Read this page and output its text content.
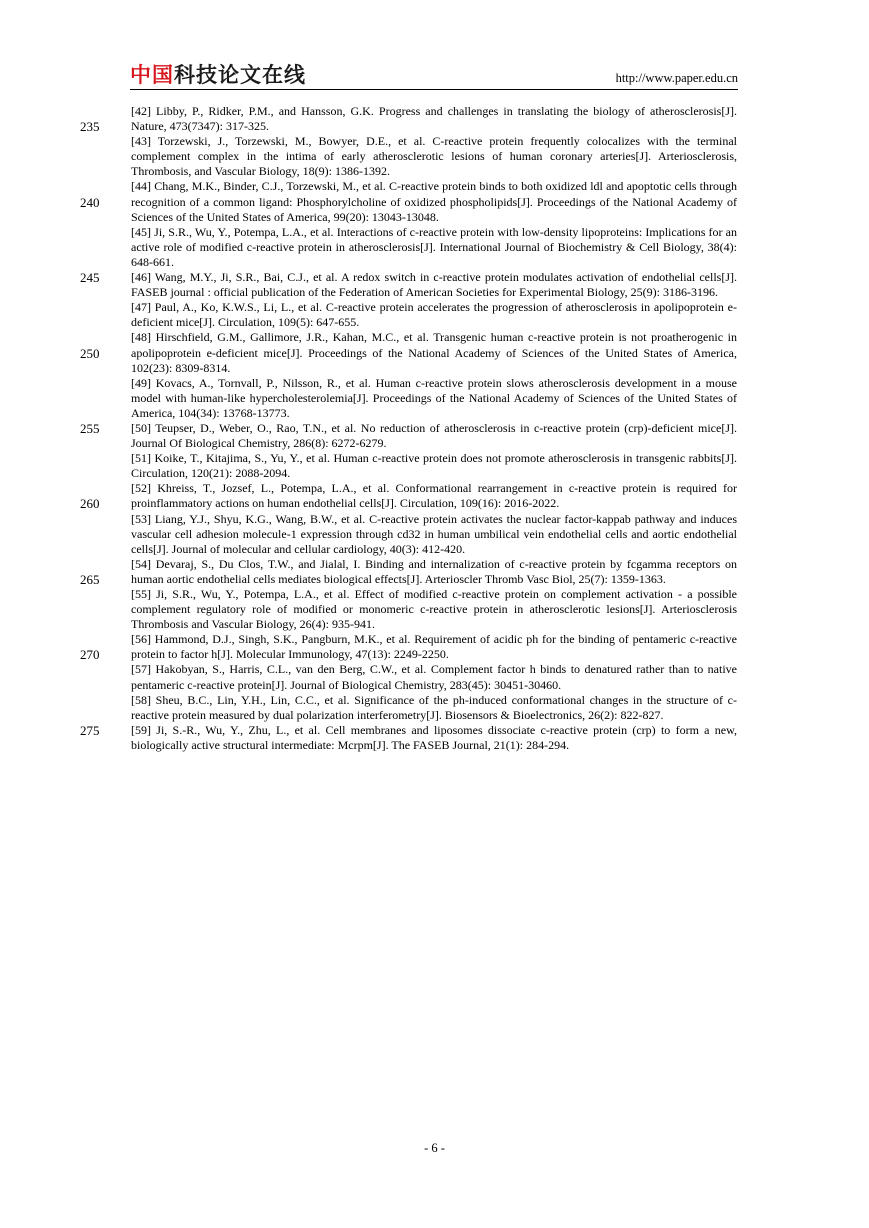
中国科技论文在线	http://www.paper.edu.cn
235
240
245
250
255
260
265
270
275

[42] Libby, P., Ridker, P.M., and Hansson, G.K. Progress and challenges in translating the biology of atherosclerosis[J]. Nature, 473(7347): 317-325.

[43] Torzewski, J., Torzewski, M., Bowyer, D.E., et al. C-reactive protein frequently colocalizes with the terminal complement complex in the intima of early atherosclerotic lesions of human coronary arteries[J]. Arteriosclerosis, Thrombosis, and Vascular Biology, 18(9): 1386-1392.

[44] Chang, M.K., Binder, C.J., Torzewski, M., et al. C-reactive protein binds to both oxidized ldl and apoptotic cells through recognition of a common ligand: Phosphorylcholine of oxidized phospholipids[J]. Proceedings of the National Academy of Sciences of the United States of America, 99(20): 13043-13048.

[45] Ji, S.R., Wu, Y., Potempa, L.A., et al. Interactions of c-reactive protein with low-density lipoproteins: Implications for an active role of modified c-reactive protein in atherosclerosis[J]. International Journal of Biochemistry & Cell Biology, 38(4): 648-661.

[46] Wang, M.Y., Ji, S.R., Bai, C.J., et al. A redox switch in c-reactive protein modulates activation of endothelial cells[J]. FASEB journal : official publication of the Federation of American Societies for Experimental Biology, 25(9): 3186-3196.

[47] Paul, A., Ko, K.W.S., Li, L., et al. C-reactive protein accelerates the progression of atherosclerosis in apolipoprotein e-deficient mice[J]. Circulation, 109(5): 647-655.

[48] Hirschfield, G.M., Gallimore, J.R., Kahan, M.C., et al. Transgenic human c-reactive protein is not proatherogenic in apolipoprotein e-deficient mice[J]. Proceedings of the National Academy of Sciences of the United States of America, 102(23): 8309-8314.

[49] Kovacs, A., Tornvall, P., Nilsson, R., et al. Human c-reactive protein slows atherosclerosis development in a mouse model with human-like hypercholesterolemia[J]. Proceedings of the National Academy of Sciences of the United States of America, 104(34): 13768-13773.

[50] Teupser, D., Weber, O., Rao, T.N., et al. No reduction of atherosclerosis in c-reactive protein (crp)-deficient mice[J]. Journal Of Biological Chemistry, 286(8): 6272-6279.

[51] Koike, T., Kitajima, S., Yu, Y., et al. Human c-reactive protein does not promote atherosclerosis in transgenic rabbits[J]. Circulation, 120(21): 2088-2094.

[52] Khreiss, T., Jozsef, L., Potempa, L.A., et al. Conformational rearrangement in c-reactive protein is required for proinflammatory actions on human endothelial cells[J]. Circulation, 109(16): 2016-2022.

[53] Liang, Y.J., Shyu, K.G., Wang, B.W., et al. C-reactive protein activates the nuclear factor-kappab pathway and induces vascular cell adhesion molecule-1 expression through cd32 in human umbilical vein endothelial cells and aortic endothelial cells[J]. Journal of molecular and cellular cardiology, 40(3): 412-420.

[54] Devaraj, S., Du Clos, T.W., and Jialal, I. Binding and internalization of c-reactive protein by fcgamma receptors on human aortic endothelial cells mediates biological effects[J]. Arterioscler Thromb Vasc Biol, 25(7): 1359-1363.

[55] Ji, S.R., Wu, Y., Potempa, L.A., et al. Effect of modified c-reactive protein on complement activation - a possible complement regulatory role of modified or monomeric c-reactive protein in atherosclerotic lesions[J]. Arteriosclerosis Thrombosis and Vascular Biology, 26(4): 935-941.

[56] Hammond, D.J., Singh, S.K., Pangburn, M.K., et al. Requirement of acidic ph for the binding of pentameric c-reactive protein to factor h[J]. Molecular Immunology, 47(13): 2249-2250.

[57] Hakobyan, S., Harris, C.L., van den Berg, C.W., et al. Complement factor h binds to denatured rather than to native pentameric c-reactive protein[J]. Journal of Biological Chemistry, 283(45): 30451-30460.

[58] Sheu, B.C., Lin, Y.H., Lin, C.C., et al. Significance of the ph-induced conformational changes in the structure of c-reactive protein measured by dual polarization interferometry[J]. Biosensors & Bioelectronics, 26(2): 822-827.

[59] Ji, S.-R., Wu, Y., Zhu, L., et al. Cell membranes and liposomes dissociate c-reactive protein (crp) to form a new, biologically active structural intermediate: Mcrpm[J]. The FASEB Journal, 21(1): 284-294.

- 6 -
